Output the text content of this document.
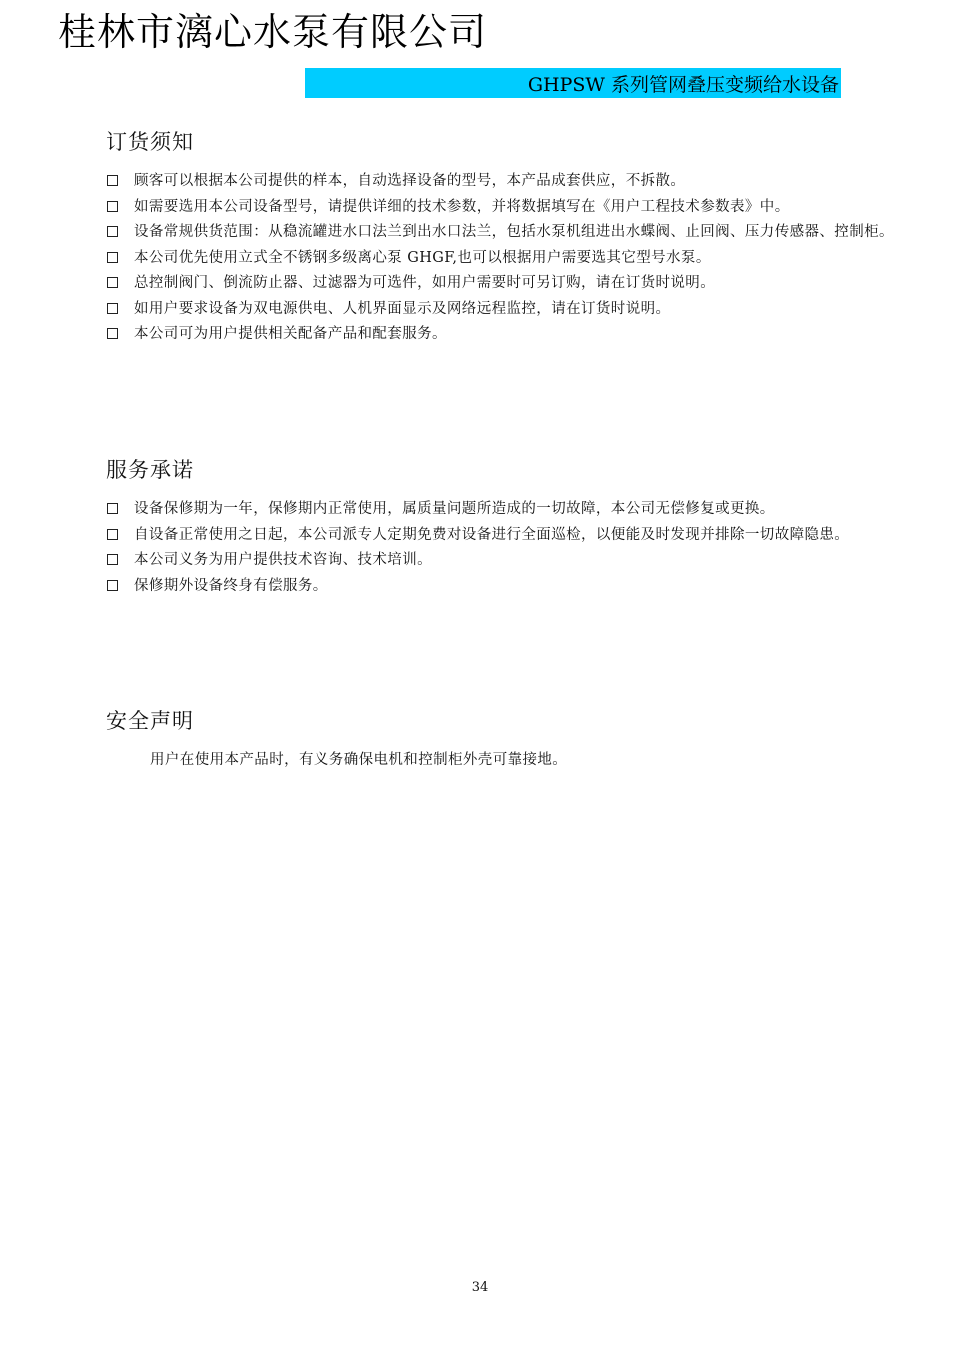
桂林市漓心水泵有限公司
GHPSW 系列管网叠压变频给水设备
订货须知
顾客可以根据本公司提供的样本，自动选择设备的型号，本产品成套供应，不拆散。
如需要选用本公司设备型号，请提供详细的技术参数，并将数据填写在《用户工程技术参数表》中。
设备常规供货范围：从稳流罐进水口法兰到出水口法兰，包括水泵机组进出水蝶阀、止回阀、压力传感器、控制柜。
本公司优先使用立式全不锈钢多级离心泵 GHGF,也可以根据用户需要选其它型号水泵。
总控制阀门、倒流防止器、过滤器为可选件，如用户需要时可另订购，请在订货时说明。
如用户要求设备为双电源供电、人机界面显示及网络远程监控，请在订货时说明。
本公司可为用户提供相关配备产品和配套服务。
服务承诺
设备保修期为一年，保修期内正常使用，属质量问题所造成的一切故障，本公司无偿修复或更换。
自设备正常使用之日起，本公司派专人定期免费对设备进行全面巡检，以便能及时发现并排除一切故障隐患。
本公司义务为用户提供技术咨询、技术培训。
保修期外设备终身有偿服务。
安全声明

用户在使用本产品时，有义务确保电机和控制柜外壳可靠接地。

34
